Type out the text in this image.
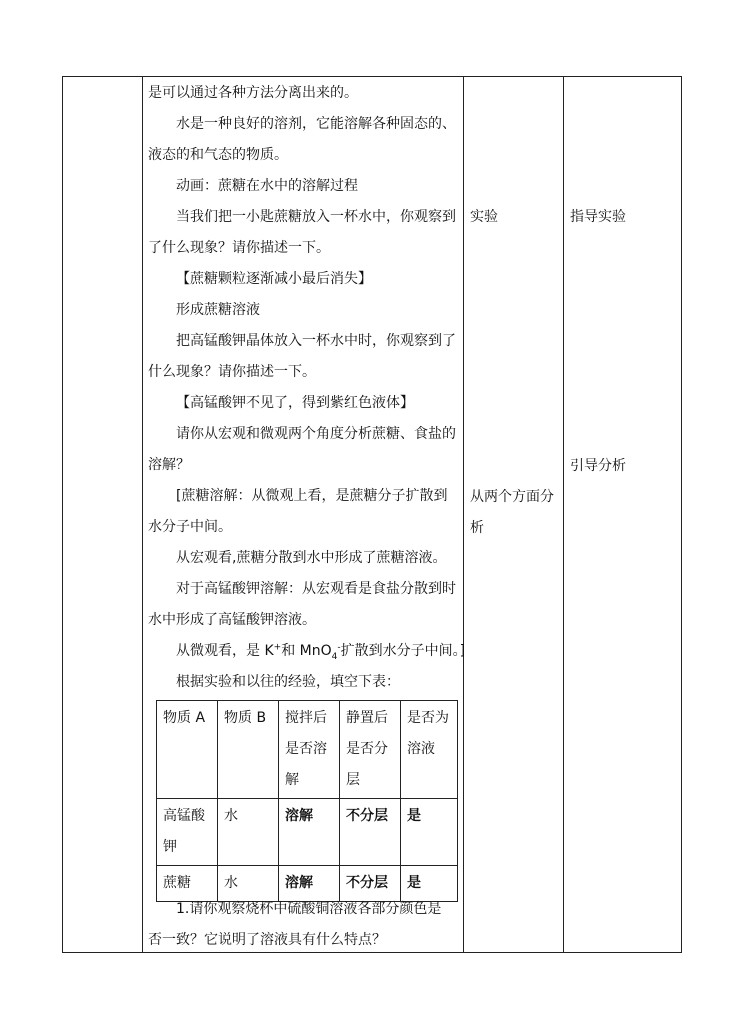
是可以通过各种方法分离出来的。

水是一种良好的溶剂，它能溶解各种固态的、

液态的和气态的物质。

动画：蔗糖在水中的溶解过程

当我们把一小匙蔗糖放入一杯水中，你观察到

了什么现象？请你描述一下。

【蔗糖颗粒逐渐减小最后消失】

形成蔗糖溶液

把高锰酸钾晶体放入一杯水中时，你观察到了

什么现象？请你描述一下。

【高锰酸钾不见了，得到紫红色液体】

请你从宏观和微观两个角度分析蔗糖、食盐的

溶解？

[蔗糖溶解：从微观上看，是蔗糖分子扩散到

水分子中间。

从宏观看,蔗糖分散到水中形成了蔗糖溶液。

对于高锰酸钾溶解：从宏观看是食盐分散到时

水中形成了高锰酸钾溶液。

从微观看，是 K+和 MnO$_4$-扩散到水分子中间。]

根据实验和以往的经验，填空下表：

物质 A	物质 B	搅拌后
是否溶
解	静置后
是否分
层	是否为
溶液
高锰酸
钾	水	溶解	不分层	是
蔗糖	水	溶解	不分层	是

1.请你观察烧杯中硫酸铜溶液各部分颜色是

否一致？它说明了溶液具有什么特点？

实验
从两个方面分
析
指导实验
引导分析
